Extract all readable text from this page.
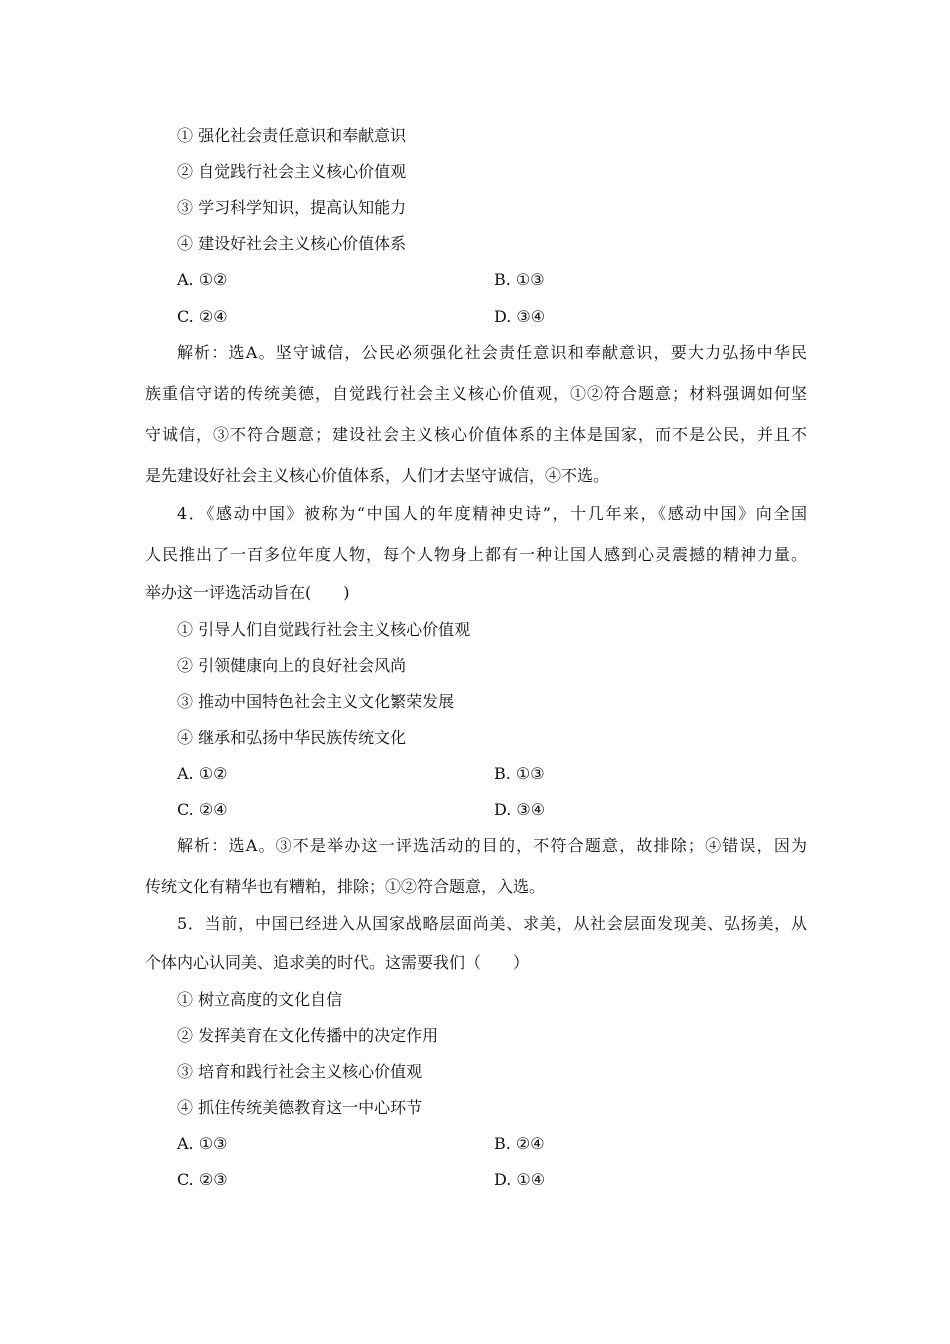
① 强化社会责任意识和奉献意识
② 自觉践行社会主义核心价值观
③ 学习科学知识，提高认知能力
④ 建设好社会主义核心价值体系
A. ①②	B. ①③
C. ②④	D. ③④
解析：选A。坚守诚信，公民必须强化社会责任意识和奉献意识，要大力弘扬中华民
族重信守诺的传统美德，自觉践行社会主义核心价值观，①②符合题意；材料强调如何坚
守诚信，③不符合题意；建设社会主义核心价值体系的主体是国家，而不是公民，并且不
是先建设好社会主义核心价值体系，人们才去坚守诚信，④不选。
4．《感动中国》被称为“中国人的年度精神史诗”，十几年来，《感动中国》向全国
人民推出了一百多位年度人物，每个人物身上都有一种让国人感到心灵震撼的精神力量。
举办这一评选活动旨在(　　)
① 引导人们自觉践行社会主义核心价值观
② 引领健康向上的良好社会风尚
③ 推动中国特色社会主义文化繁荣发展
④ 继承和弘扬中华民族传统文化
A. ①②	B. ①③
C. ②④	D. ③④
解析：选A。③不是举办这一评选活动的目的，不符合题意，故排除；④错误，因为
传统文化有精华也有糟粕，排除；①②符合题意，入选。
5．当前，中国已经进入从国家战略层面尚美、求美，从社会层面发现美、弘扬美，从
个体内心认同美、追求美的时代。这需要我们（　　）
① 树立高度的文化自信
② 发挥美育在文化传播中的决定作用
③ 培育和践行社会主义核心价值观
④ 抓住传统美德教育这一中心环节
A. ①③	B. ②④
C. ②③	D. ①④
